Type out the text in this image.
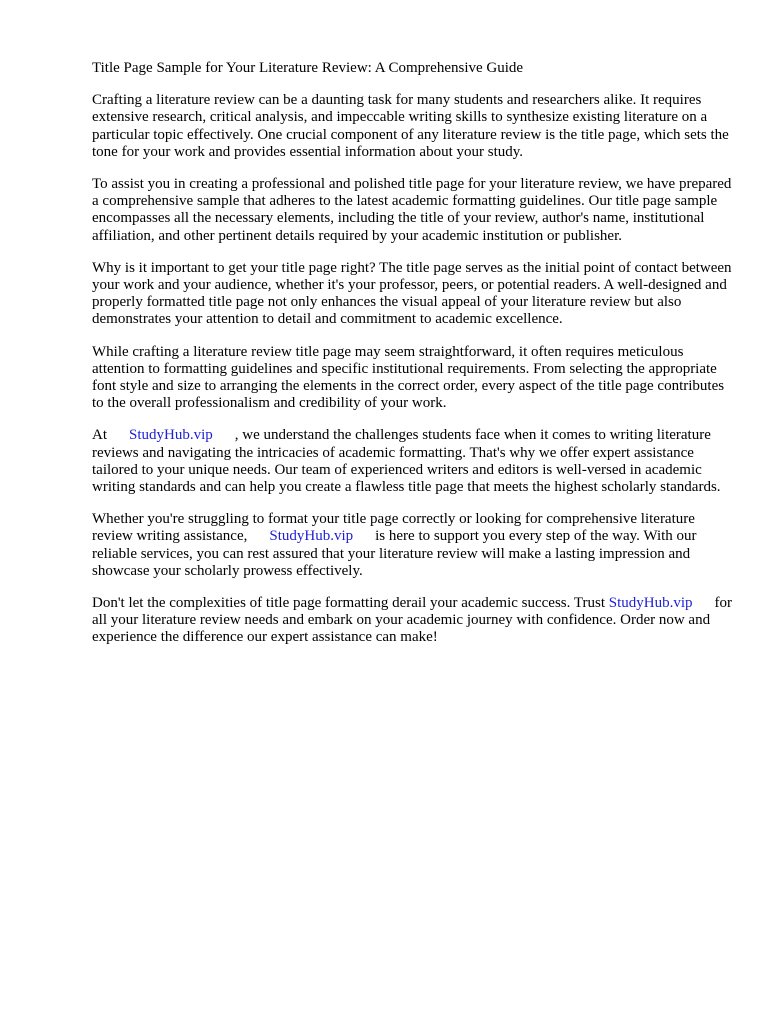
Title Page Sample for Your Literature Review: A Comprehensive Guide

Crafting a literature review can be a daunting task for many students and researchers alike. It requires extensive research, critical analysis, and impeccable writing skills to synthesize existing literature on a particular topic effectively. One crucial component of any literature review is the title page, which sets the tone for your work and provides essential information about your study.

To assist you in creating a professional and polished title page for your literature review, we have prepared a comprehensive sample that adheres to the latest academic formatting guidelines. Our title page sample encompasses all the necessary elements, including the title of your review, author's name, institutional affiliation, and other pertinent details required by your academic institution or publisher.

Why is it important to get your title page right? The title page serves as the initial point of contact between your work and your audience, whether it's your professor, peers, or potential readers. A well-designed and properly formatted title page not only enhances the visual appeal of your literature review but also demonstrates your attention to detail and commitment to academic excellence.

While crafting a literature review title page may seem straightforward, it often requires meticulous attention to formatting guidelines and specific institutional requirements. From selecting the appropriate font style and size to arranging the elements in the correct order, every aspect of the title page contributes to the overall professionalism and credibility of your work.

At StudyHub.vip , we understand the challenges students face when it comes to writing literature reviews and navigating the intricacies of academic formatting. That's why we offer expert assistance tailored to your unique needs. Our team of experienced writers and editors is well-versed in academic writing standards and can help you create a flawless title page that meets the highest scholarly standards.

Whether you're struggling to format your title page correctly or looking for comprehensive literature review writing assistance, StudyHub.vip is here to support you every step of the way. With our reliable services, you can rest assured that your literature review will make a lasting impression and showcase your scholarly prowess effectively.

Don't let the complexities of title page formatting derail your academic success. Trust StudyHub.vip for all your literature review needs and embark on your academic journey with confidence. Order now and experience the difference our expert assistance can make!
